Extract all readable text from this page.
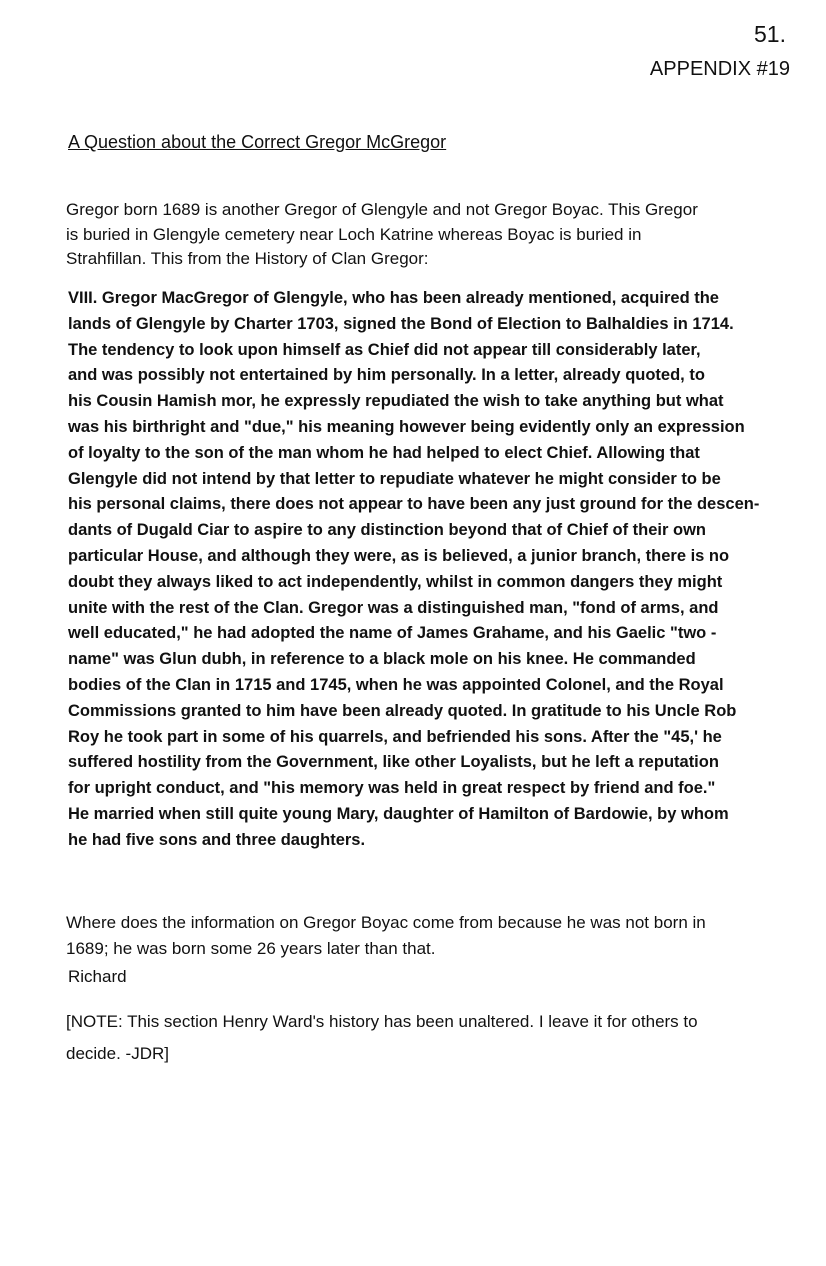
51.
APPENDIX #19
A Question about the Correct Gregor McGregor
Gregor born 1689 is another Gregor of Glengyle and not Gregor Boyac. This Gregor
is buried in Glengyle cemetery near Loch Katrine whereas Boyac is buried in
Strahfillan. This from the History of Clan Gregor:
VIII. Gregor MacGregor of Glengyle, who has been already mentioned, acquired the
lands of Glengyle by Charter 1703, signed the Bond of Election to Balhaldies in 1714.
The tendency to look upon himself as Chief did not appear till considerably later,
and was possibly not entertained by him personally. In a letter, already quoted, to
his Cousin Hamish mor, he expressly repudiated the wish to take anything but what
was his birthright and "due," his meaning however being evidently only an expression
of loyalty to the son of the man whom he had helped to elect Chief. Allowing that
Glengyle did not intend by that letter to repudiate whatever he might consider to be
his personal claims, there does not appear to have been any just ground for the descen-
dants of Dugald Ciar to aspire to any distinction beyond that of Chief of their own
particular House, and although they were, as is believed, a junior branch, there is no
doubt they always liked to act independently, whilst in common dangers they might
unite with the rest of the Clan. Gregor was a distinguished man, "fond of arms, and
well educated," he had adopted the name of James Grahame, and his Gaelic "two -
name" was Glun dubh, in reference to a black mole on his knee. He commanded
bodies of the Clan in 1715 and 1745, when he was appointed Colonel, and the Royal
Commissions granted to him have been already quoted. In gratitude to his Uncle Rob
Roy he took part in some of his quarrels, and befriended his sons. After the "45,' he
suffered hostility from the Government, like other Loyalists, but he left a reputation
for upright conduct, and "his memory was held in great respect by friend and foe."
He married when still quite young Mary, daughter of Hamilton of Bardowie, by whom
he had five sons and three daughters.
Where does the information on Gregor Boyac come from because he was not born in
1689; he was born some 26 years later than that.
Richard
[NOTE: This section Henry Ward's history has been unaltered. I leave it for others to
decide. -JDR]
